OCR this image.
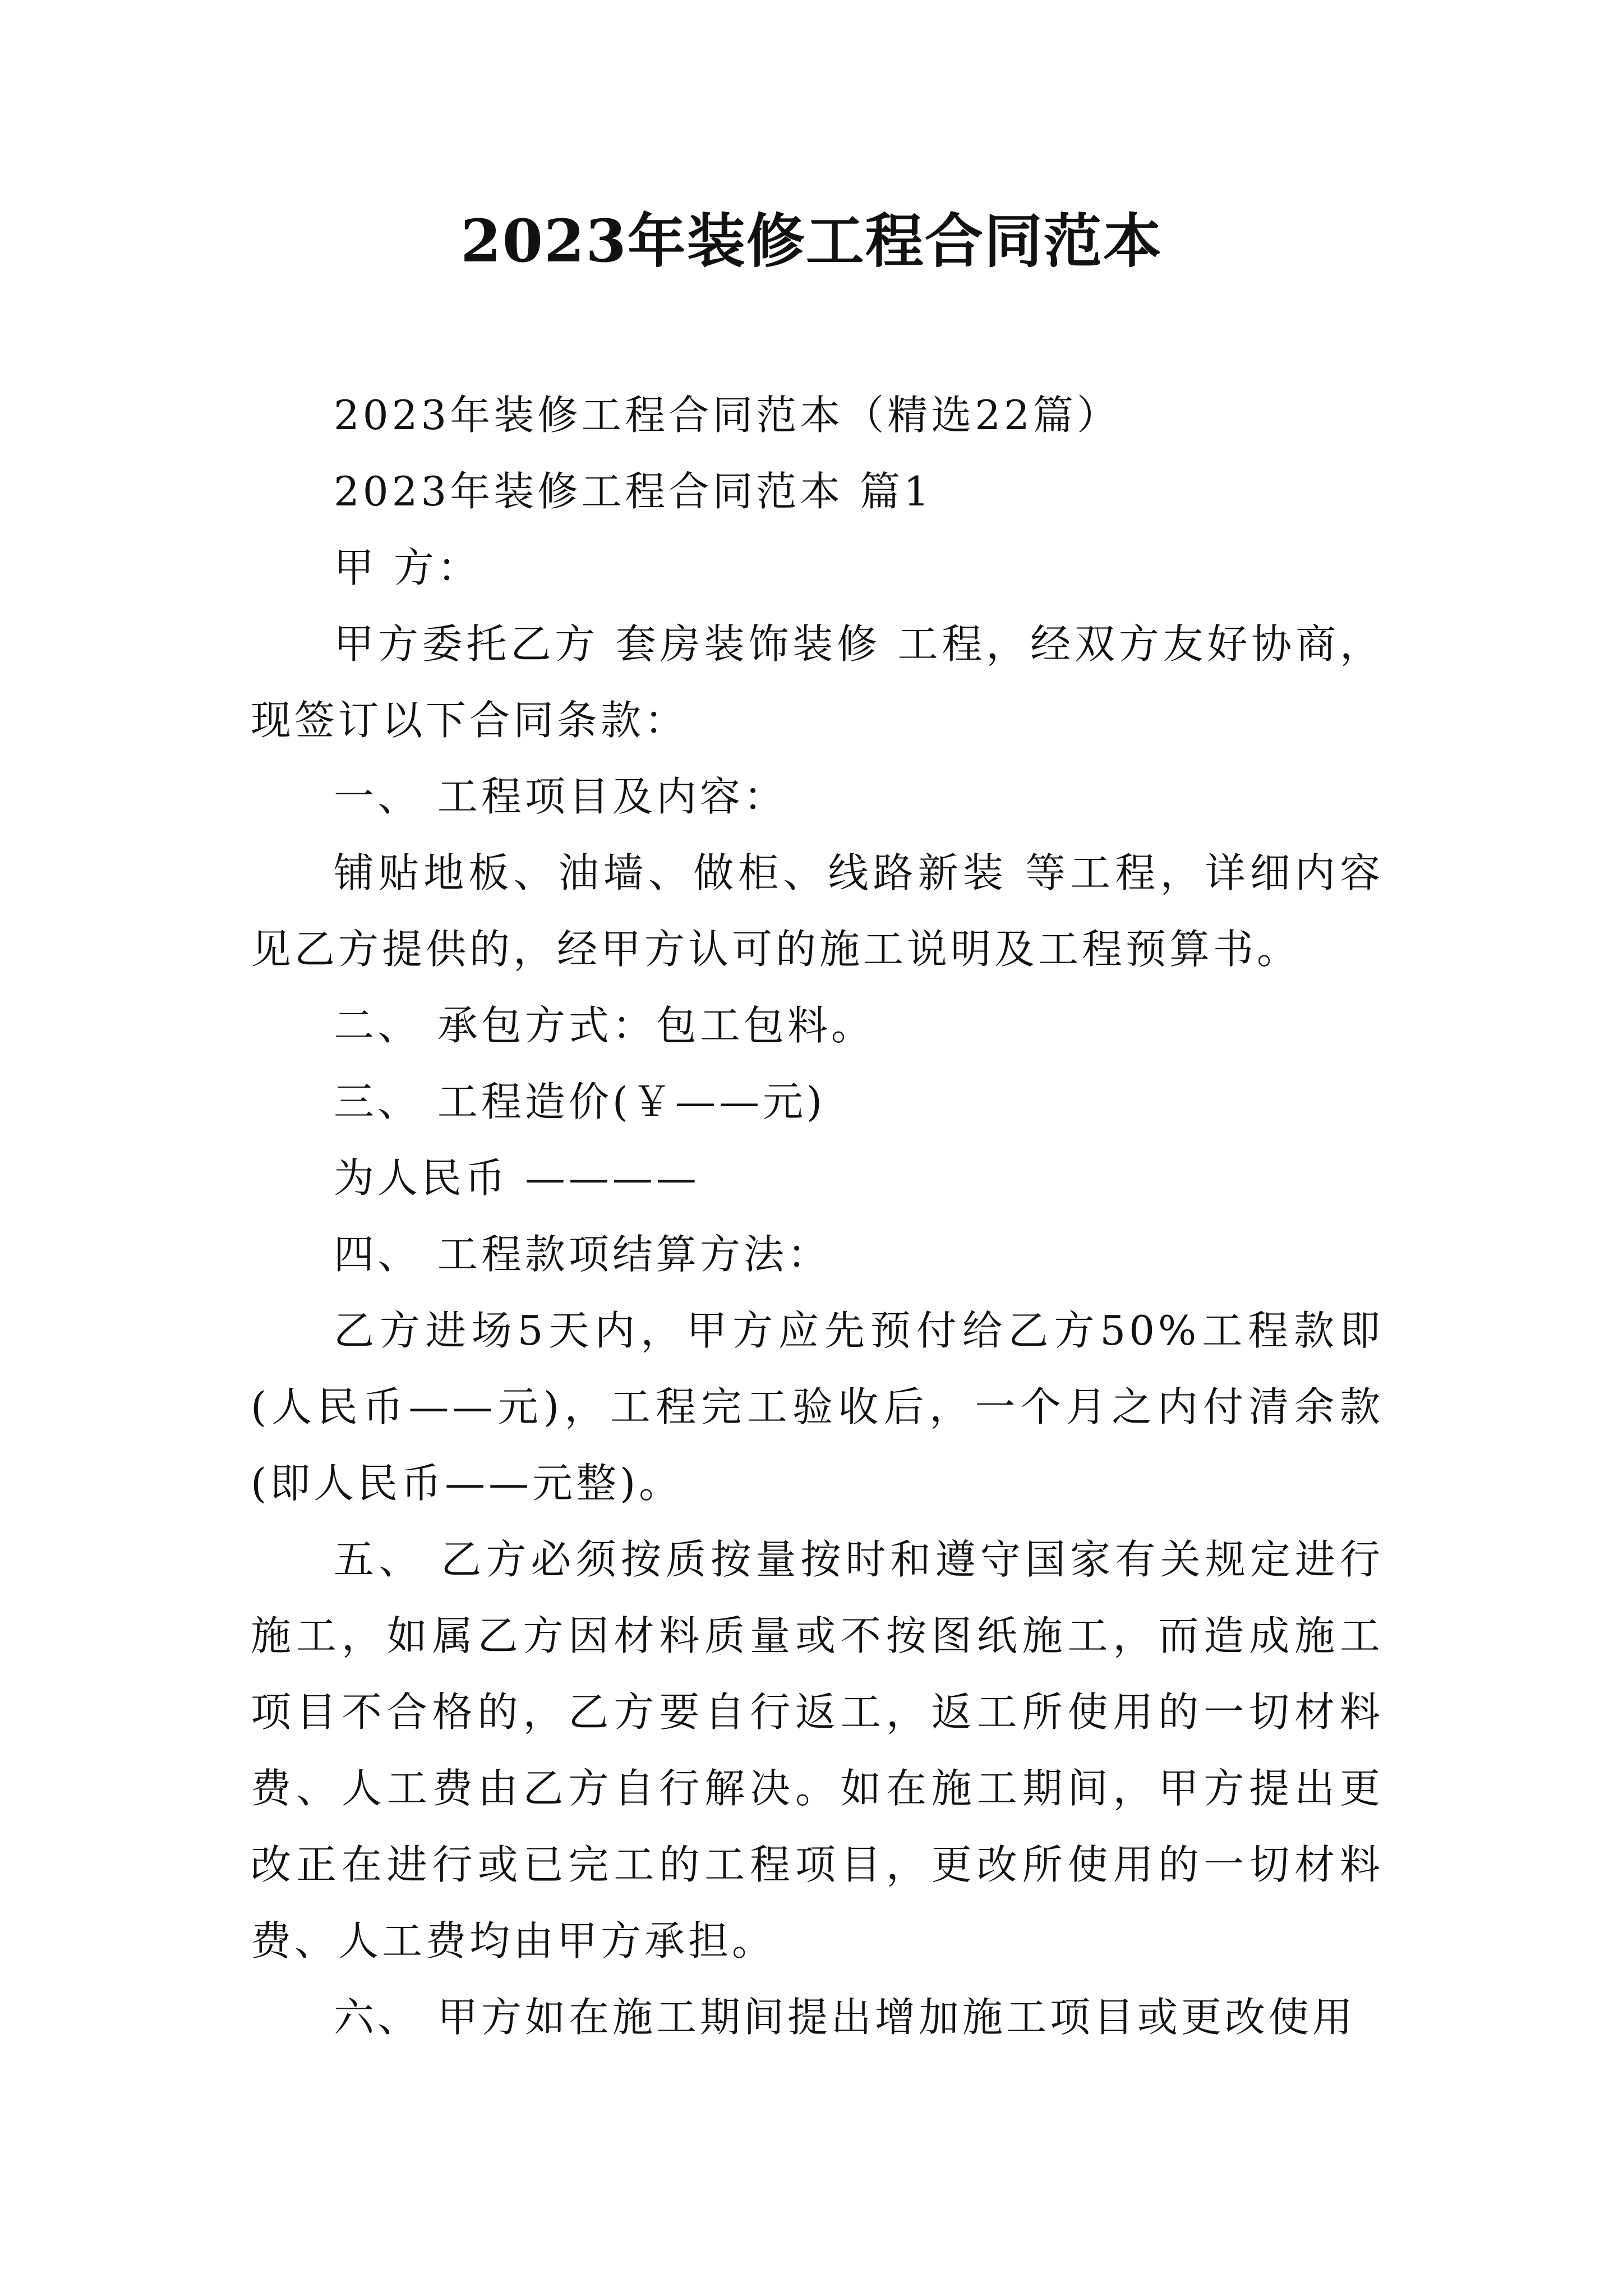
2023年装修工程合同范本

2023年装修工程合同范本（精选22篇）

2023年装修工程合同范本 篇1

甲 方：

甲方委托乙方 套房装饰装修 工程，经双方友好协商，现签订以下合同条款：

一、 工程项目及内容：

铺贴地板、油墙、做柜、线路新装 等工程，详细内容见乙方提供的，经甲方认可的施工说明及工程预算书。

二、 承包方式：包工包料。

三、 工程造价(￥——元)

为人民币 ————

四、 工程款项结算方法：

乙方进场5天内，甲方应先预付给乙方50%工程款即(人民币——元)，工程完工验收后，一个月之内付清余款(即人民币——元整)。

五、 乙方必须按质按量按时和遵守国家有关规定进行施工，如属乙方因材料质量或不按图纸施工，而造成施工项目不合格的，乙方要自行返工，返工所使用的一切材料费、人工费由乙方自行解决。如在施工期间，甲方提出更改正在进行或已完工的工程项目，更改所使用的一切材料费、人工费均由甲方承担。

六、 甲方如在施工期间提出增加施工项目或更改使用
